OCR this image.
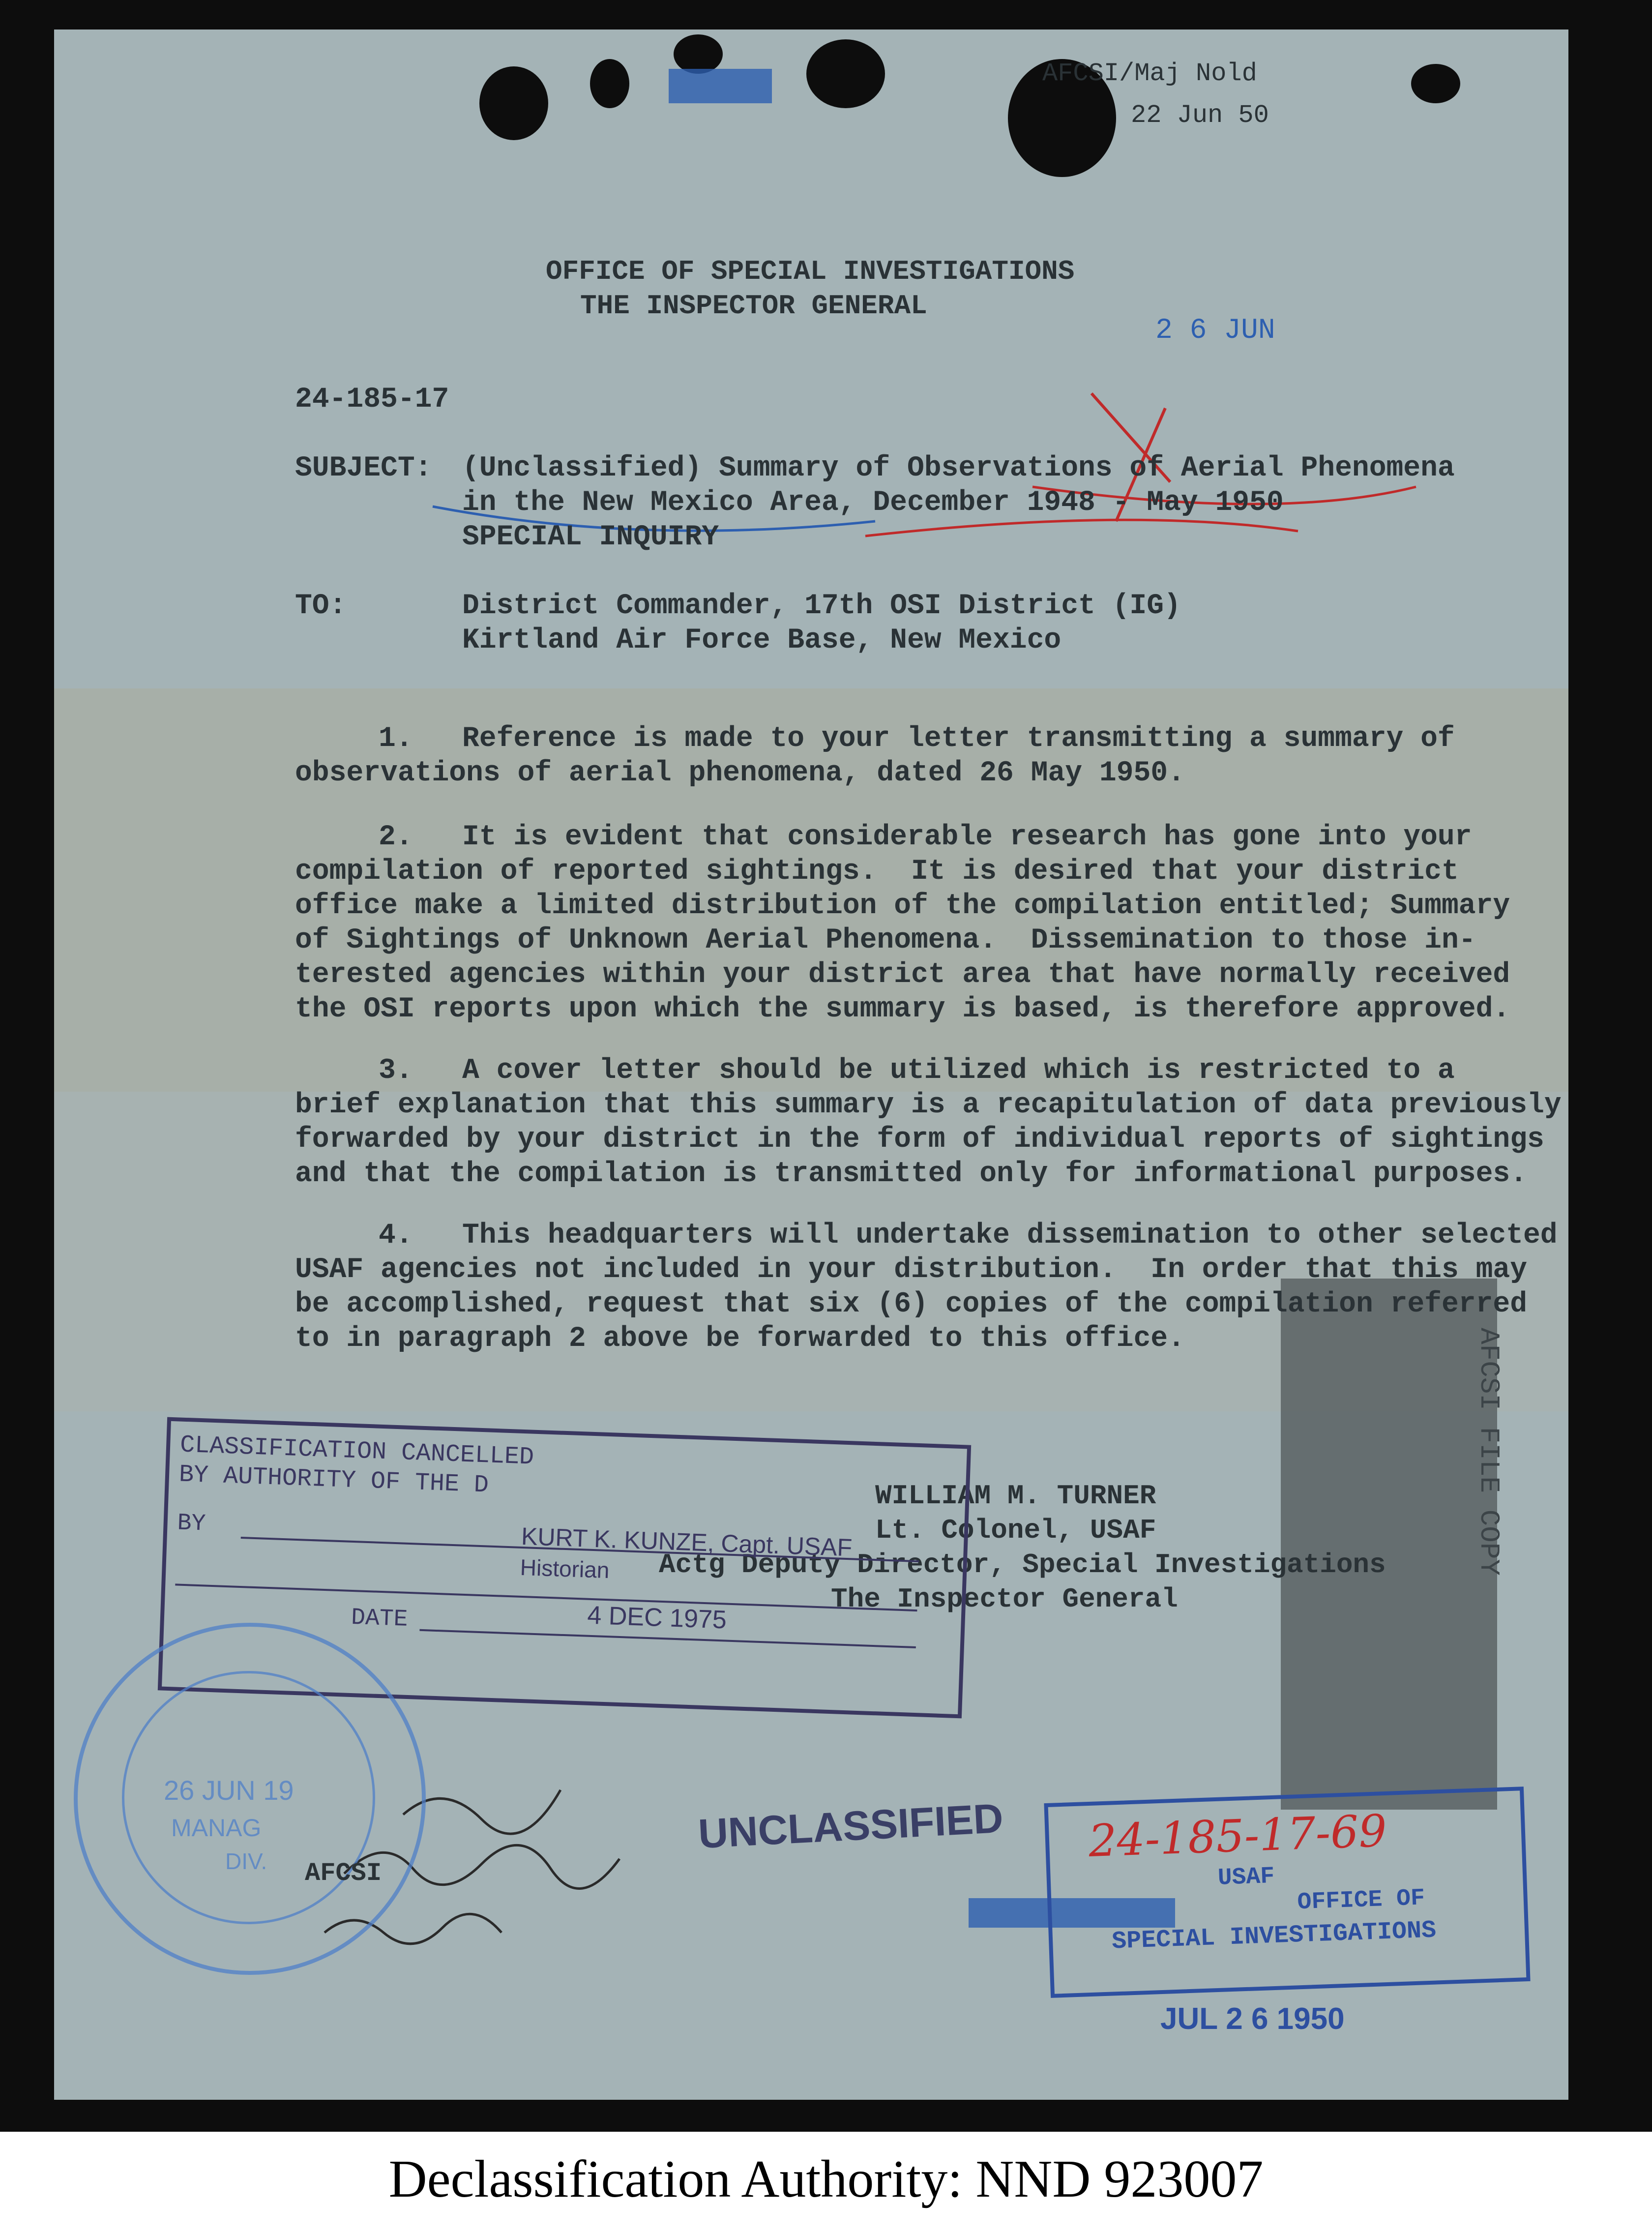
AFCSI/Maj Nold
22 Jun 50
2 6 JUN
OFFICE OF SPECIAL INVESTIGATIONS
THE INSPECTOR GENERAL
24-185-17
SUBJECT: (Unclassified) Summary of Observations of Aerial Phenomena
in the New Mexico Area, December 1948 - May 1950
SPECIAL INQUIRY
TO:	District Commander, 17th OSI District (IG)
Kirtland Air Force Base, New Mexico
1. Reference is made to your letter transmitting a summary of
observations of aerial phenomena, dated 26 May 1950.
2. It is evident that considerable research has gone into your
compilation of reported sightings.  It is desired that your district
office make a limited distribution of the compilation entitled; Summary
of Sightings of Unknown Aerial Phenomena.  Dissemination to those in-
terested agencies within your district area that have normally received
the OSI reports upon which the summary is based, is therefore approved.
3. A cover letter should be utilized which is restricted to a
brief explanation that this summary is a recapitulation of data previously
forwarded by your district in the form of individual reports of sightings
and that the compilation is transmitted only for informational purposes.
4. This headquarters will undertake dissemination to other selected
USAF agencies not included in your distribution.  In order that this may
be accomplished, request that six (6) copies of the compilation referred
to in paragraph 2 above be forwarded to this office.	AFCSI FILE COPY
WILLIAM M. TURNER
Lt. Colonel, USAF
Actg Deputy Director, Special Investigations
The Inspector General
CLASSIFICATION CANCELLED
BY AUTHORITY OF THE D
BY	KURT K. KUNZE, Capt. USAF
Historian
DATE	4 DEC 1975
26 JUN 19
MANAG
DIV.
UNCLASSIFIED 24-185-17-69
USAF
OFFICE OF
SPECIAL INVESTIGATIONS
AFCSI
JUL 2 6 1950
Declassification Authority: NND 923007
